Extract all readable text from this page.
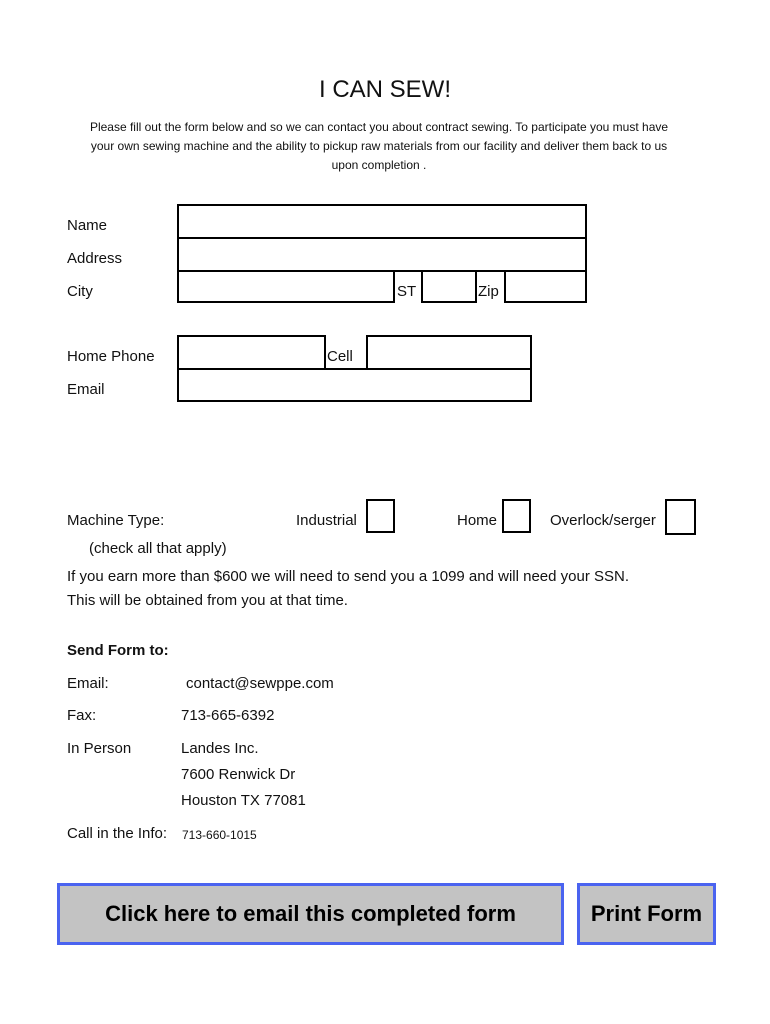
I CAN SEW!
Please fill out the form below and so we can contact you about contract sewing. To participate you must have
your own sewing machine and the ability to pickup raw materials from our facility and deliver them back to us
upon completion .
Name
Address
City	ST	Zip
Home Phone	Cell
Email
Machine Type:	Industrial	Home	Overlock/serger
(check all that apply)
If you earn more than $600 we will need to send you a 1099 and will need your SSN.
This will be obtained from you at that time.
Send Form to:
Email:	contact@sewppe.com
Fax:	713-665-6392
In Person	Landes Inc.
7600 Renwick Dr
Houston TX 77081
Call in the Info: 713-660-1015
Click here to email this completed form	Print Form
